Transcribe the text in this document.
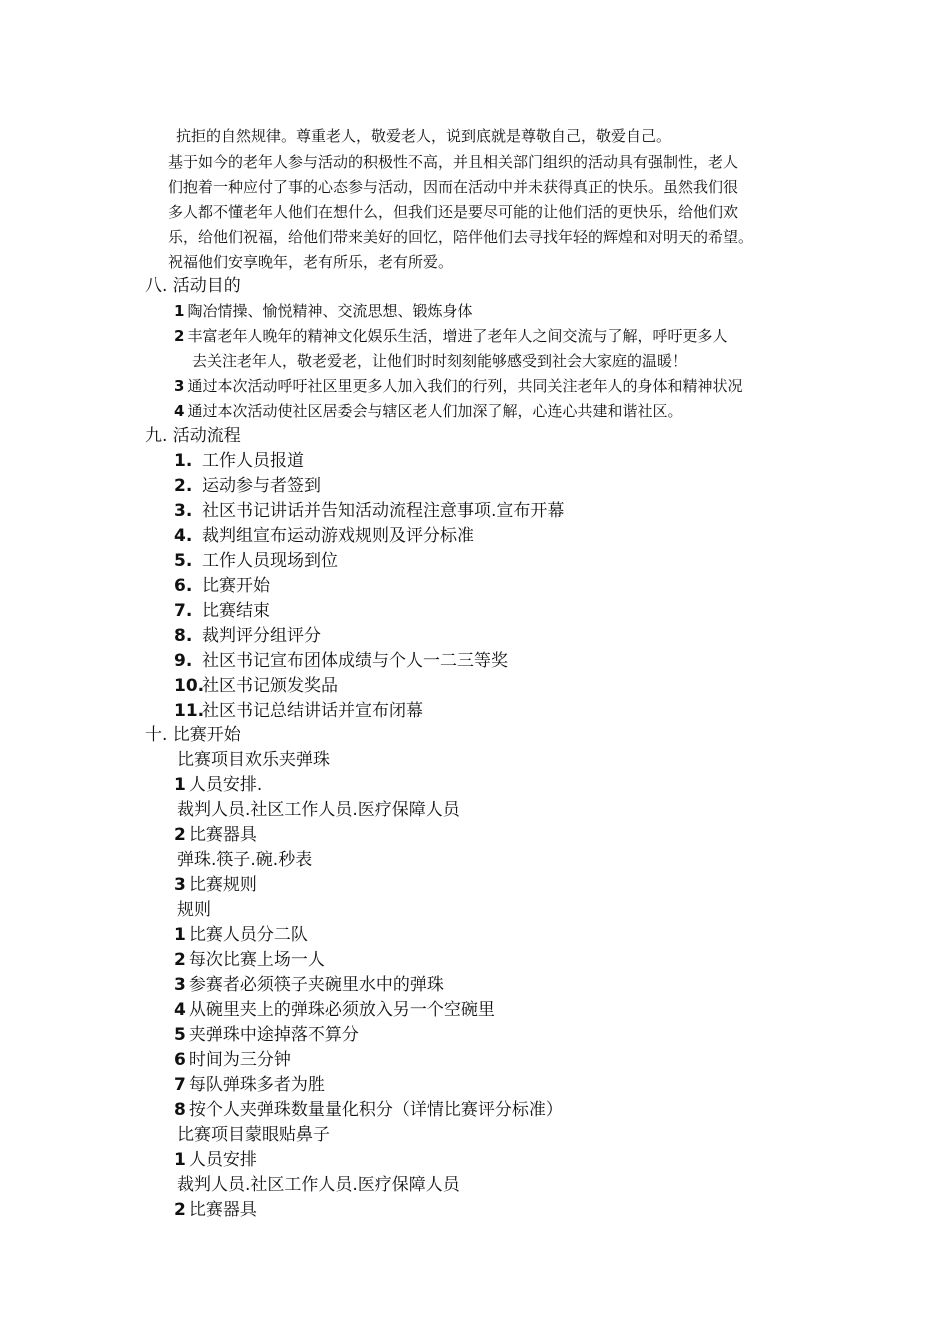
抗拒的自然规律。尊重老人，敬爱老人，说到底就是尊敬自己，敬爱自己。
基于如今的老年人参与活动的积极性不高，并且相关部门组织的活动具有强制性，老人
们抱着一种应付了事的心态参与活动，因而在活动中并未获得真正的快乐。虽然我们很
多人都不懂老年人他们在想什么，但我们还是要尽可能的让他们活的更快乐，给他们欢
乐，给他们祝福，给他们带来美好的回忆，陪伴他们去寻找年轻的辉煌和对明天的希望。
祝福他们安享晚年，老有所乐，老有所爱。
八. 活动目的
1 陶冶情操、愉悦精神、交流思想、锻炼身体
2 丰富老年人晚年的精神文化娱乐生活，增进了老年人之间交流与了解，呼吁更多人
去关注老年人，敬老爱老，让他们时时刻刻能够感受到社会大家庭的温暖！
3 通过本次活动呼吁社区里更多人加入我们的行列，共同关注老年人的身体和精神状况
4 通过本次活动使社区居委会与辖区老人们加深了解，心连心共建和谐社区。
九. 活动流程
1. 工作人员报道
2. 运动参与者签到
3. 社区书记讲话并告知活动流程注意事项.宣布开幕
4. 裁判组宣布运动游戏规则及评分标准
5. 工作人员现场到位
6. 比赛开始
7. 比赛结束
8. 裁判评分组评分
9. 社区书记宣布团体成绩与个人一二三等奖
10.社区书记颁发奖品
11.社区书记总结讲话并宣布闭幕
十. 比赛开始
比赛项目欢乐夹弹珠
1 人员安排.
裁判人员.社区工作人员.医疗保障人员
2 比赛器具
弹珠.筷子.碗.秒表
3 比赛规则
规则
1 比赛人员分二队
2 每次比赛上场一人
3 参赛者必须筷子夹碗里水中的弹珠
4 从碗里夹上的弹珠必须放入另一个空碗里
5 夹弹珠中途掉落不算分
6 时间为三分钟
7 每队弹珠多者为胜
8 按个人夹弹珠数量量化积分（详情比赛评分标准）
比赛项目蒙眼贴鼻子
1 人员安排
裁判人员.社区工作人员.医疗保障人员
2 比赛器具
